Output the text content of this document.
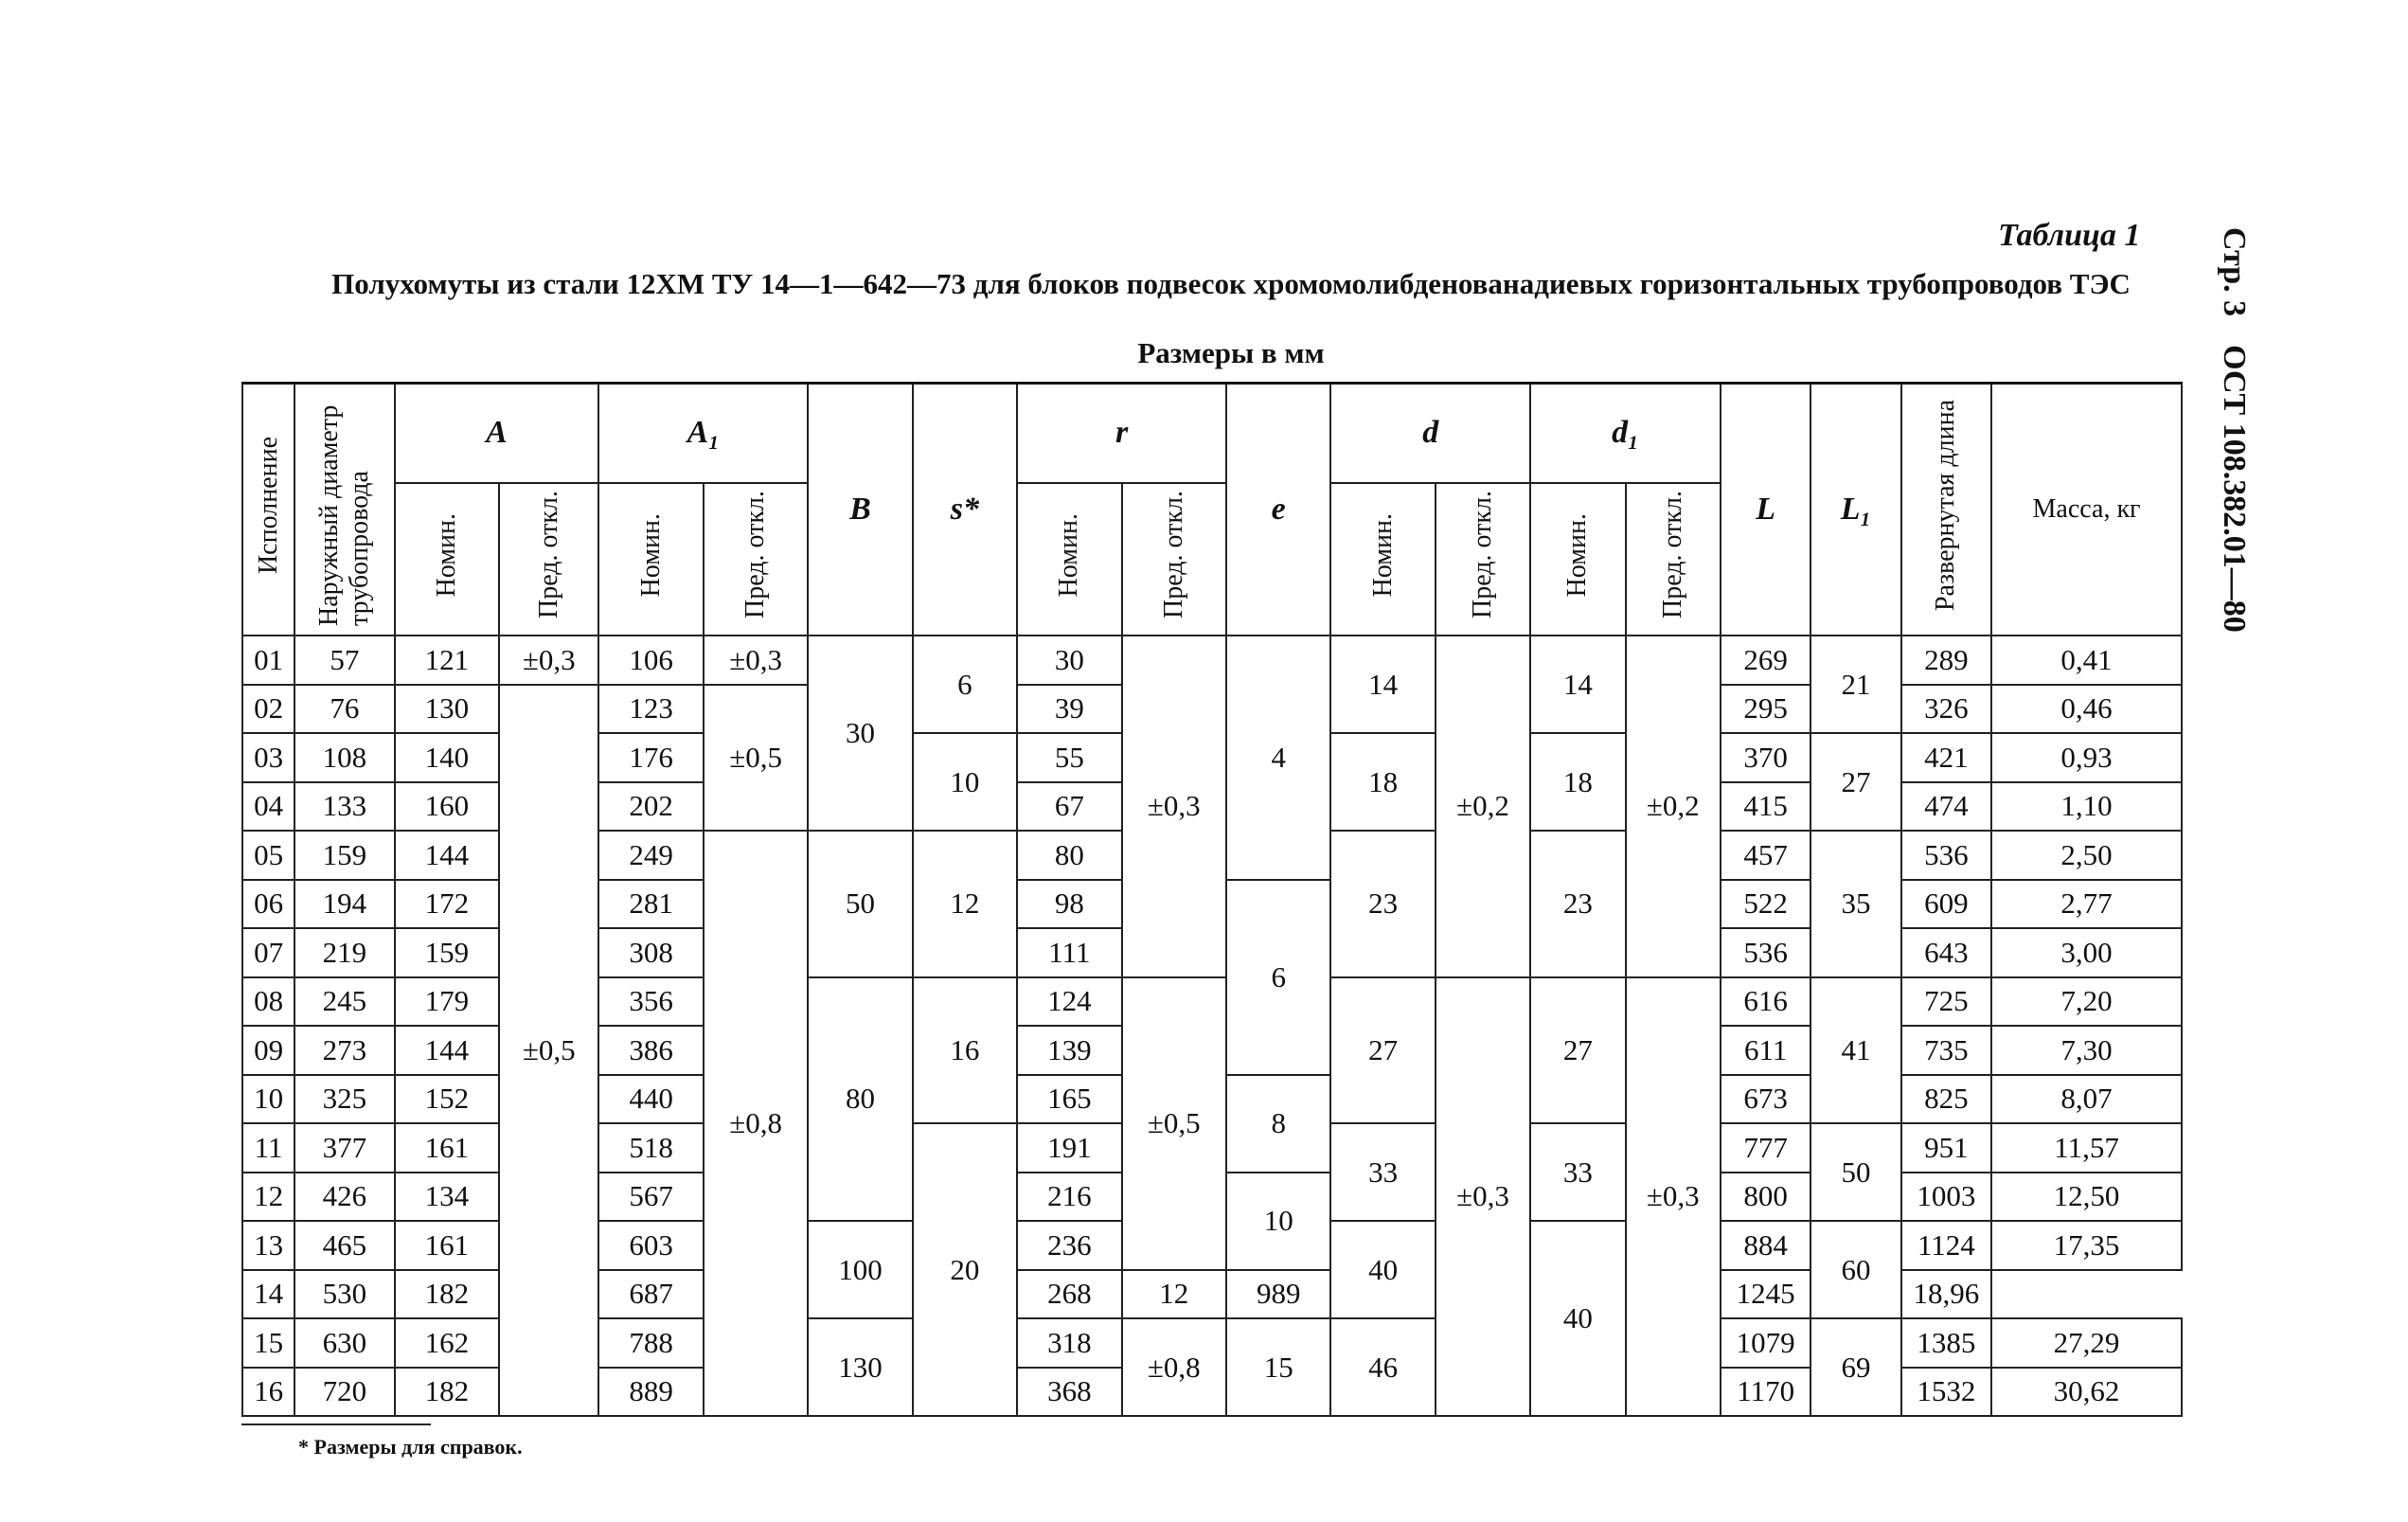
Таблица 1	Стр. 3
ОСТ 108.382.01—80
Полухомуты из стали 12ХМ ТУ 14—1—642—73 для блоков подвесок хромомолибденованадиевых горизонтальных трубопроводов ТЭС
Размеры в мм
Исполнение	Наружный диаметр трубопровода	A		A₁		B	s*	r		e	d		d₁		L	L₁	Развернутая длина	Масса, кг
		Номин.	Пред. откл.	Номин.	Пред. откл.			Номин.	Пред. откл.		Номин.	Пред. откл.	Номин.	Пред. откл.				
01	57	121	±0,3	106	±0,3	30	6	30	±0,3	4	14	±0,2	14	±0,2	269	21	289	0,41
02	76	130	±0,5	123	±0,5			39							295		326	0,46
03	108	140		176			10	55			18		18		370	27	421	0,93
04	133	160		202				67							415		474	1,10
05	159	144		249	±0,8	50	12	80			23		23		457	35	536	2,50
06	194	172		281				98		6					522		609	2,77
07	219	159		308				111							536		643	3,00
08	245	179		356		80	16	124	±0,5		27	±0,3	27	±0,3	616	41	725	7,20
09	273	144		386				139							611		735	7,30
10	325	152		440				165		8					673		825	8,07
11	377	161		518			20	191			33		33		777	50	951	11,57
12	426	134		567				216		10					800		1003	12,50
13	465	161		603		100		236			40		40		884	60	1124	17,35
14	530	182		687				268	12	989					1245		18,96	
15	630	162		788		130		318	±0,8	15	46				1079	69	1385	27,29
16	720	182		889				368							1170		1532	30,62
* Размеры для справок.
